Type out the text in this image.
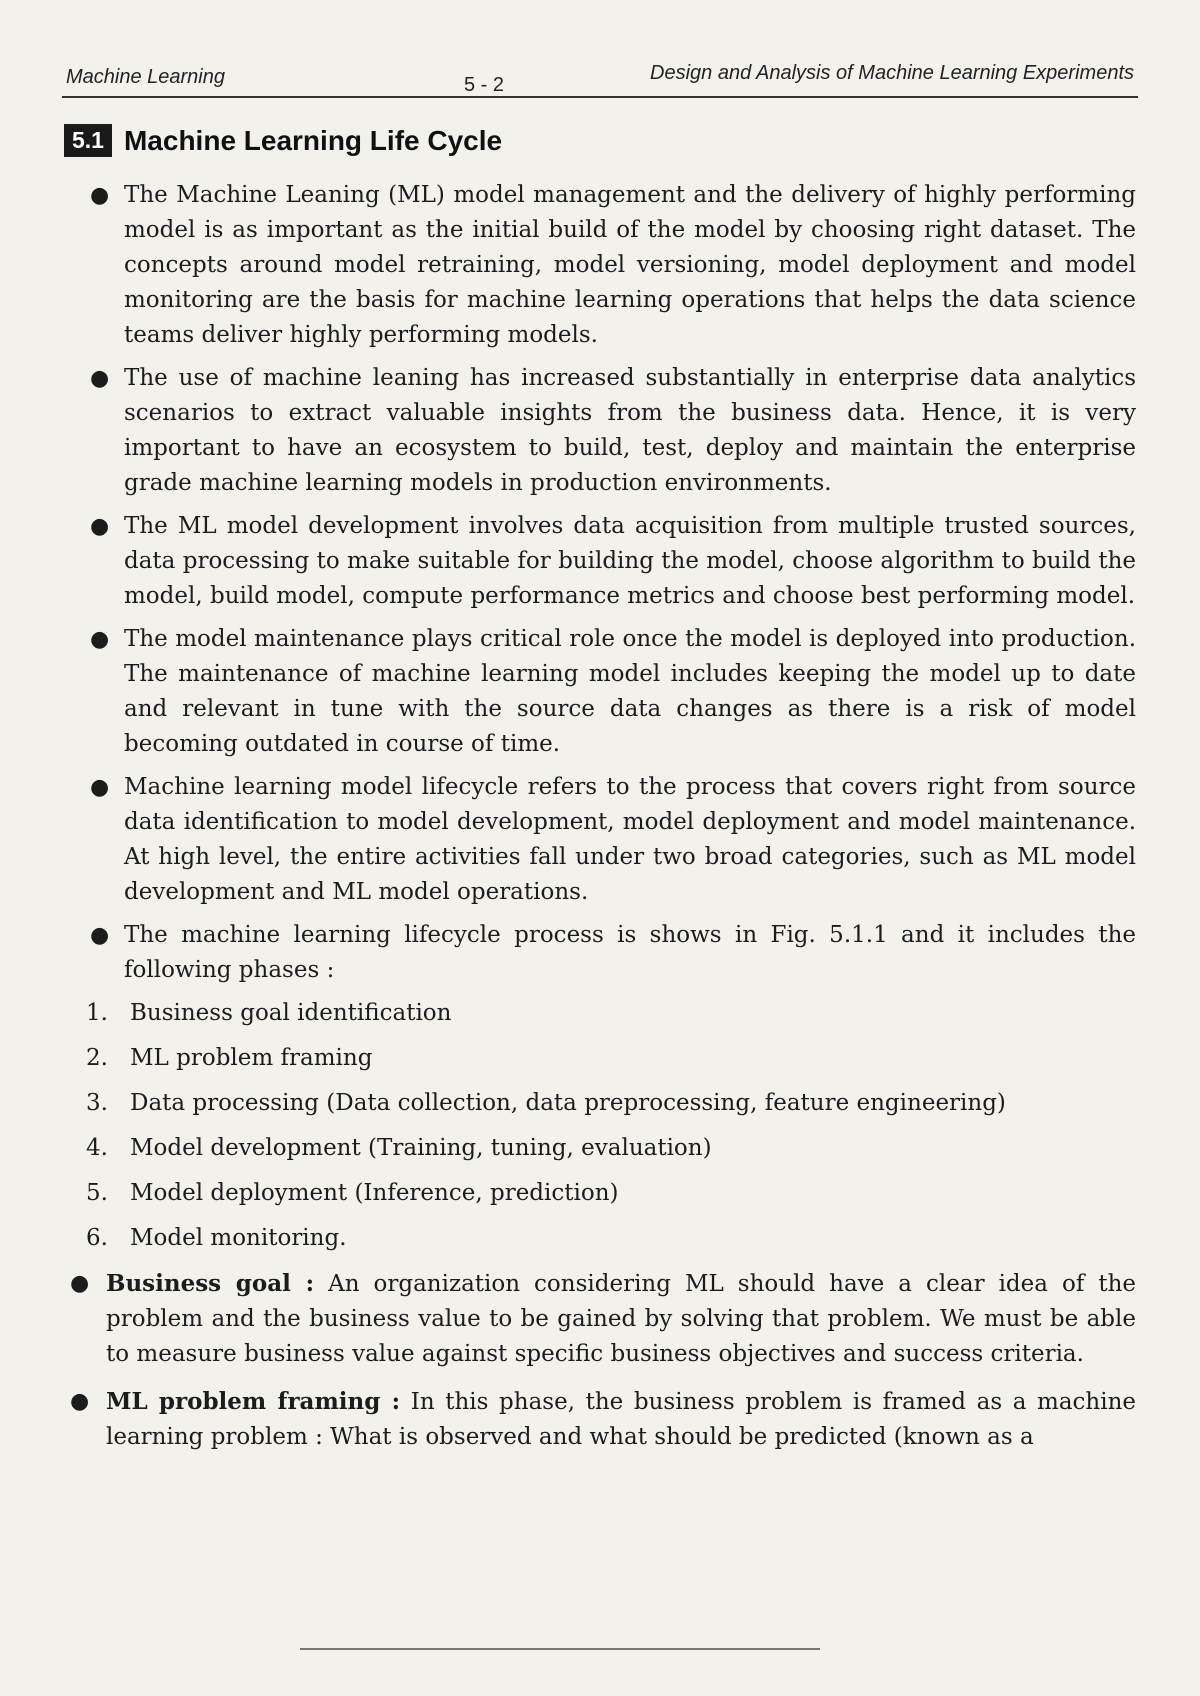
Machine Learning	5 - 2
Design and Analysis of Machine Learning Experiments
5.1 Machine Learning Life Cycle
● The Machine Leaning (ML) model management and the delivery of highly performing model is as important as the initial build of the model by choosing right dataset. The concepts around model retraining, model versioning, model deployment and model monitoring are the basis for machine learning operations that helps the data science teams deliver highly performing models.
● The use of machine leaning has increased substantially in enterprise data analytics scenarios to extract valuable insights from the business data. Hence, it is very important to have an ecosystem to build, test, deploy and maintain the enterprise grade machine learning models in production environments.
● The ML model development involves data acquisition from multiple trusted sources, data processing to make suitable for building the model, choose algorithm to build the model, build model, compute performance metrics and choose best performing model.
● The model maintenance plays critical role once the model is deployed into production. The maintenance of machine learning model includes keeping the model up to date and relevant in tune with the source data changes as there is a risk of model becoming outdated in course of time.
● Machine learning model lifecycle refers to the process that covers right from source data identification to model development, model deployment and model maintenance. At high level, the entire activities fall under two broad categories, such as ML model development and ML model operations.
● The machine learning lifecycle process is shows in Fig. 5.1.1 and it includes the following phases :
1. Business goal identification
2. ML problem framing
3. Data processing (Data collection, data preprocessing, feature engineering)
4. Model development (Training, tuning, evaluation)
5. Model deployment (Inference, prediction)
6. Model monitoring.
● Business goal : An organization considering ML should have a clear idea of the problem and the business value to be gained by solving that problem. We must be able to measure business value against specific business objectives and success criteria.
● ML problem framing : In this phase, the business problem is framed as a machine learning problem : What is observed and what should be predicted (known as a
